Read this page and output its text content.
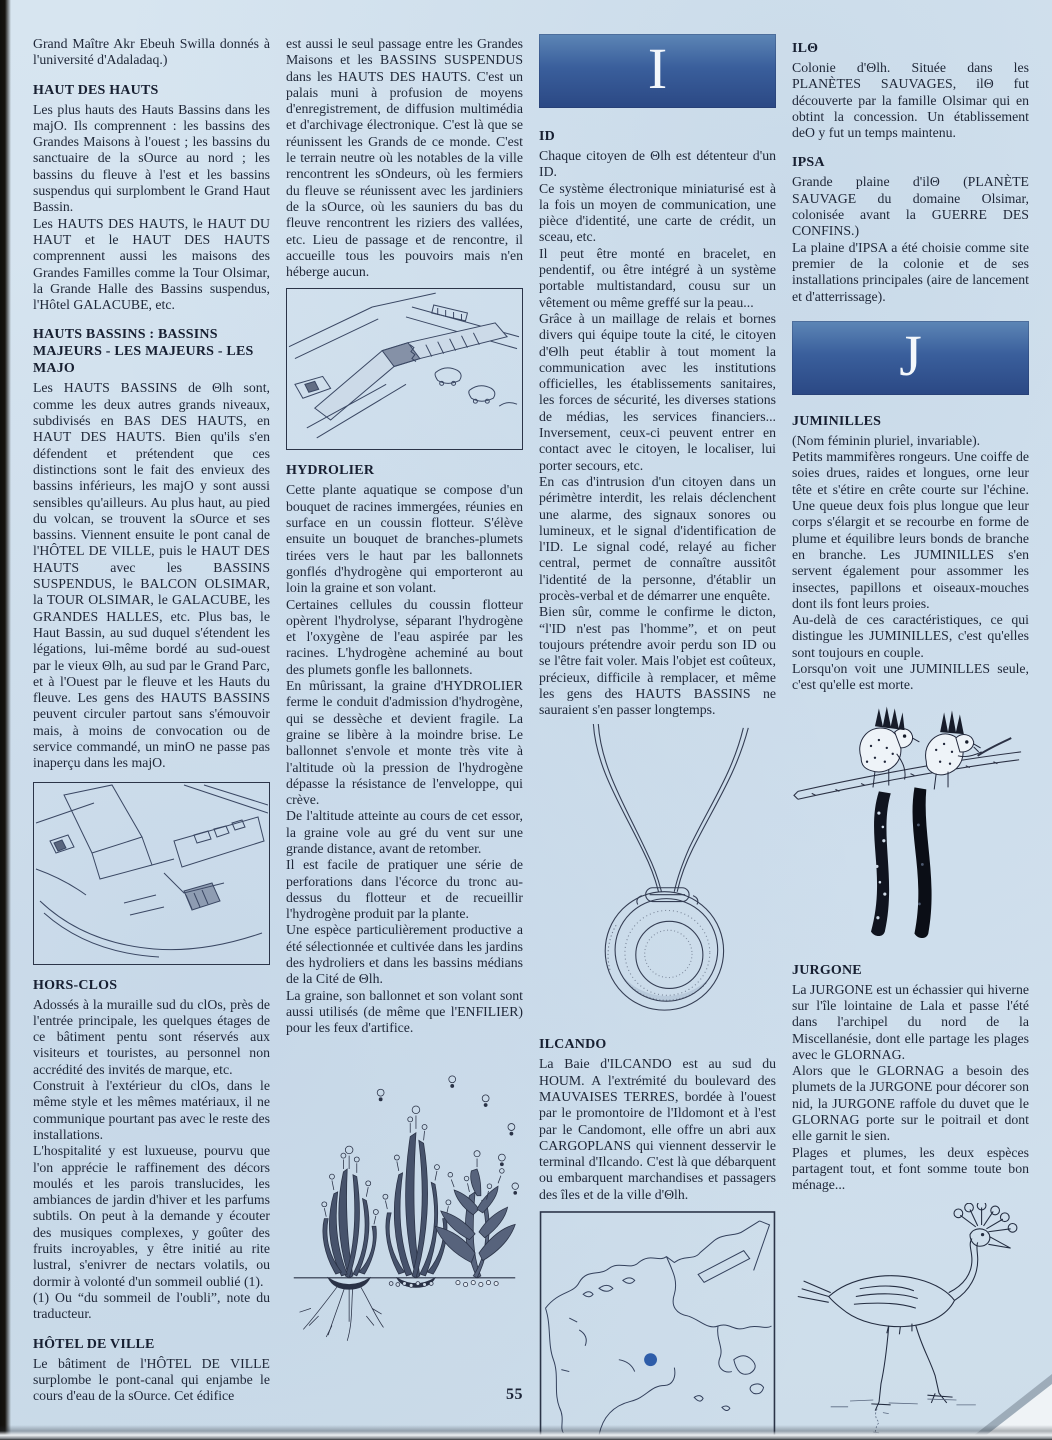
Grand Maître Akr Ebeuh Swilla donnés à l'université d'Adaladaq.)

HAUT DES HAUTS

Les plus hauts des Hauts Bassins dans les majO. Ils comprennent : les bassins des Grandes Maisons à l'ouest ; les bassins du sanctuaire de la sOurce au nord ; les bassins du fleuve à l'est et les bassins suspendus qui surplombent le Grand Haut Bassin.

Les HAUTS DES HAUTS, le HAUT DU HAUT et le HAUT DES HAUTS comprennent aussi les maisons des Grandes Familles comme la Tour Olsimar, la Grande Halle des Bassins suspendus, l'Hôtel GALACUBE, etc.

HAUTS BASSINS : BASSINS MAJEURS - LES MAJEURS - LES MAJO

Les HAUTS BASSINS de Θlh sont, comme les deux autres grands niveaux, subdivisés en BAS DES HAUTS, en HAUT DES HAUTS. Bien qu'ils s'en défendent et prétendent que ces distinctions sont le fait des envieux des bassins inférieurs, les majO y sont aussi sensibles qu'ailleurs. Au plus haut, au pied du volcan, se trouvent la sOurce et ses bassins. Viennent ensuite le pont canal de l'HÔTEL DE VILLE, puis le HAUT DES HAUTS avec les BASSINS SUSPENDUS, le BALCON OLSIMAR, la TOUR OLSIMAR, le GALACUBE, les GRANDES HALLES, etc. Plus bas, le Haut Bassin, au sud duquel s'étendent les légations, lui-même bordé au sud-ouest par le vieux Θlh, au sud par le Grand Parc, et à l'Ouest par le fleuve et les Hauts du fleuve. Les gens des HAUTS BASSINS peuvent circuler partout sans s'émouvoir mais, à moins de convocation ou de service commandé, un minO ne passe pas inaperçu dans les majO.

HORS-CLOS

Adossés à la muraille sud du clOs, près de l'entrée principale, les quelques étages de ce bâtiment pentu sont réservés aux visiteurs et touristes, au personnel non accrédité des invités de marque, etc.

Construit à l'extérieur du clOs, dans le même style et les mêmes matériaux, il ne communique pourtant pas avec le reste des installations.

L'hospitalité y est luxueuse, pourvu que l'on apprécie le raffinement des décors moulés et les parois translucides, les ambiances de jardin d'hiver et les parfums subtils. On peut à la demande y écouter des musiques complexes, y goûter des fruits incroyables, y être initié au rite lustral, s'enivrer de nectars volatils, ou dormir à volonté d'un sommeil oublié (1).

(1) Ou “du sommeil de l'oubli”, note du traducteur.

HÔTEL DE VILLE

Le bâtiment de l'HÔTEL DE VILLE surplombe le pont-canal qui enjambe le cours d'eau de la sOurce. Cet édifice

est aussi le seul passage entre les Grandes Maisons et les BASSINS SUSPENDUS dans les HAUTS DES HAUTS. C'est un palais muni à profusion de moyens d'enregistrement, de diffusion multimédia et d'archivage électronique. C'est là que se réunissent les Grands de ce monde. C'est le terrain neutre où les notables de la ville rencontrent les sOndeurs, où les fermiers du fleuve se réunissent avec les jardiniers de la sOurce, où les sauniers du bas du fleuve rencontrent les riziers des vallées, etc. Lieu de passage et de rencontre, il accueille tous les pouvoirs mais n'en héberge aucun.

HYDROLIER

Cette plante aquatique se compose d'un bouquet de racines immergées, réunies en surface en un coussin flotteur. S'élève ensuite un bouquet de branches-plumets tirées vers le haut par les ballonnets gonflés d'hydrogène qui emporteront au loin la graine et son volant.

Certaines cellules du coussin flotteur opèrent l'hydrolyse, séparant l'hydrogène et l'oxygène de l'eau aspirée par les racines. L'hydrogène acheminé au bout des plumets gonfle les ballonnets.

En mûrissant, la graine d'HYDROLIER ferme le conduit d'admission d'hydrogène, qui se dessèche et devient fragile. La graine se libère à la moindre brise. Le ballonnet s'envole et monte très vite à l'altitude où la pression de l'hydrogène dépasse la résistance de l'enveloppe, qui crève.

De l'altitude atteinte au cours de cet essor, la graine vole au gré du vent sur une grande distance, avant de retomber.

Il est facile de pratiquer une série de perforations dans l'écorce du tronc au-dessus du flotteur et de recueillir l'hydrogène produit par la plante.

Une espèce particulièrement productive a été sélectionnée et cultivée dans les jardins des hydroliers et dans les bassins médians de la Cité de Θlh.

La graine, son ballonnet et son volant sont aussi utilisés (de même que l'ENFILIER) pour les feux d'artifice.

I
ID

Chaque citoyen de Θlh est détenteur d'un ID.

Ce système électronique miniaturisé est à la fois un moyen de communication, une pièce d'identité, une carte de crédit, un sceau, etc.

Il peut être monté en bracelet, en pendentif, ou être intégré à un système portable multistandard, cousu sur un vêtement ou même greffé sur la peau...

Grâce à un maillage de relais et bornes divers qui équipe toute la cité, le citoyen d'Θlh peut établir à tout moment la communication avec les institutions officielles, les établissements sanitaires, les forces de sécurité, les diverses stations de médias, les services financiers... Inversement, ceux-ci peuvent entrer en contact avec le citoyen, le localiser, lui porter secours, etc.

En cas d'intrusion d'un citoyen dans un périmètre interdit, les relais déclenchent une alarme, des signaux sonores ou lumineux, et le signal d'identification de l'ID. Le signal codé, relayé au ficher central, permet de connaître aussitôt l'identité de la personne, d'établir un procès-verbal et de démarrer une enquête.

Bien sûr, comme le confirme le dicton, “l'ID n'est pas l'homme”, et on peut toujours prétendre avoir perdu son ID ou se l'être fait voler. Mais l'objet est coûteux, précieux, difficile à remplacer, et même les gens des HAUTS BASSINS ne sauraient s'en passer longtemps.

ILCANDO

La Baie d'ILCANDO est au sud du HOUM. A l'extrémité du boulevard des MAUVAISES TERRES, bordée à l'ouest par le promontoire de l'Ildomont et à l'est par le Candomont, elle offre un abri aux CARGOPLANS qui viennent desservir le terminal d'Ilcando. C'est là que débarquent ou embarquent marchandises et passagers des îles et de la ville d'Θlh.

ILΘ

Colonie d'Θlh. Située dans les PLANÈTES SAUVAGES, ilΘ fut découverte par la famille Olsimar qui en obtint la concession. Un établissement deO y fut un temps maintenu.

IPSA

Grande plaine d'ilΘ (PLANÈTE SAUVAGE du domaine Olsimar, colonisée avant la GUERRE DES CONFINS.)

La plaine d'IPSA a été choisie comme site premier de la colonie et de ses installations principales (aire de lancement et d'atterrissage).

J
JUMINILLES

(Nom féminin pluriel, invariable).

Petits mammifères rongeurs. Une coiffe de soies drues, raides et longues, orne leur tête et s'étire en crête courte sur l'échine. Une queue deux fois plus longue que leur corps s'élargit et se recourbe en forme de plume et équilibre leurs bonds de branche en branche. Les JUMINILLES s'en servent également pour assommer les insectes, papillons et oiseaux-mouches dont ils font leurs proies.

Au-delà de ces caractéristiques, ce qui distingue les JUMINILLES, c'est qu'elles sont toujours en couple.

Lorsqu'on voit une JUMINILLES seule, c'est qu'elle est morte.

JURGONE

La JURGONE est un échassier qui hiverne sur l'île lointaine de Lala et passe l'été dans l'archipel du nord de la Miscellanésie, dont elle partage les plages avec le GLORNAG.

Alors que le GLORNAG a besoin des plumets de la JURGONE pour décorer son nid, la JURGONE raffole du duvet que le GLORNAG porte sur le poitrail et dont elle garnit le sien.

Plages et plumes, les deux espèces partagent tout, et font somme toute bon ménage...

55
